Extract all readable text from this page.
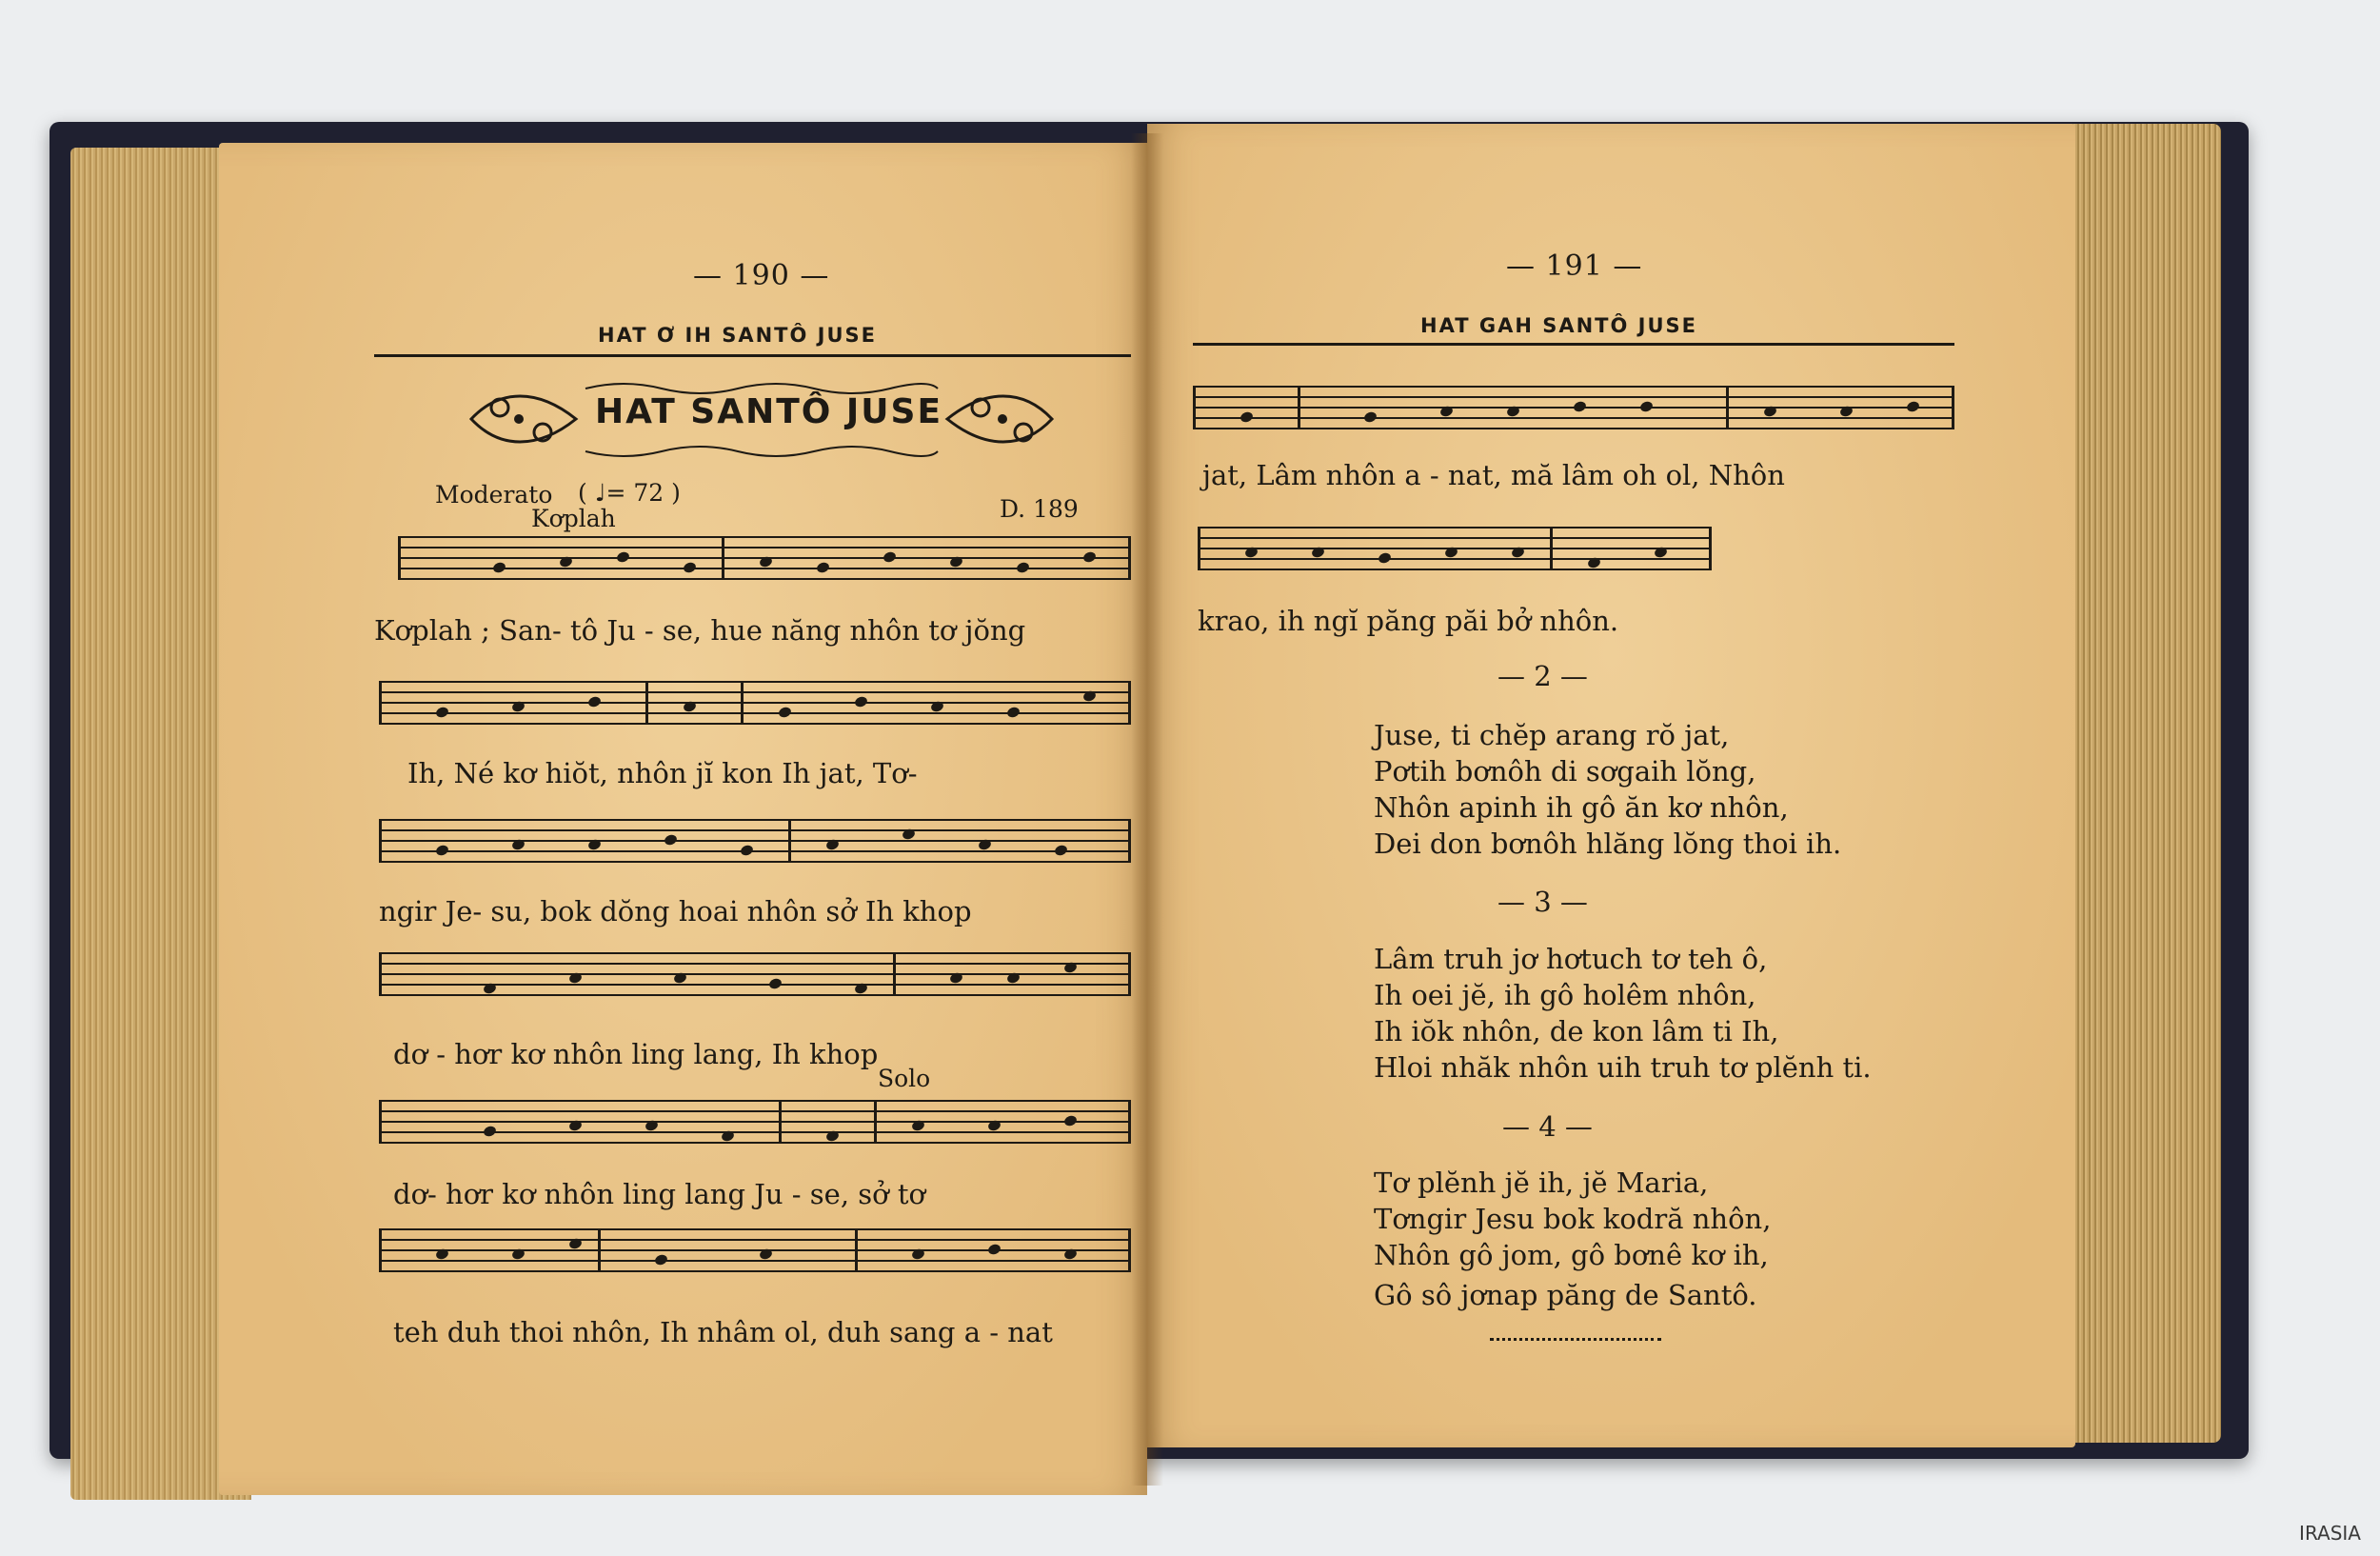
— 190 —
HAT Ơ IH SANTÔ JUSE
HAT SANTÔ JUSE
Moderato ( ♩= 72 )
Kơplah	D. 189
Kơplah ; San- tô Ju - se, hue năng nhôn tơ jŏng
Ih, Né kơ hiŏt, nhôn jĭ kon Ih jat, Tơ-
ngir Je- su, bok dŏng hoai nhôn sở Ih khop
dơ - hơr kơ nhôn ling lang, Ih khop
Solo
dơ- hơr kơ nhôn ling lang Ju - se, sở tơ
teh duh thoi nhôn, Ih nhâm ol, duh sang a - nat
— 191 —
HAT GAH SANTÔ JUSE
jat, Lâm nhôn a - nat, mă lâm oh ol, Nhôn
krao, ih ngĭ păng păi bở nhôn.
— 2 —
Juse, ti chĕp arang rŏ jat,
Pơtih bơnôh di sơgaih lŏng,
Nhôn apinh ih gô ăn kơ nhôn,
Dei don bơnôh hlăng lŏng thoi ih.
— 3 —
Lâm truh jơ hơtuch tơ teh ô,
Ih oei jĕ, ih gô holêm nhôn,
Ih iŏk nhôn, de kon lâm ti Ih,
Hloi nhăk nhôn uih truh tơ plĕnh ti.
— 4 —
Tơ plĕnh jĕ ih, jĕ Maria,
Tơngir Jesu bok kodră nhôn,
Nhôn gô jom, gô bơnê kơ ih,
Gô sô jơnap păng de Santô.
IRASIA
